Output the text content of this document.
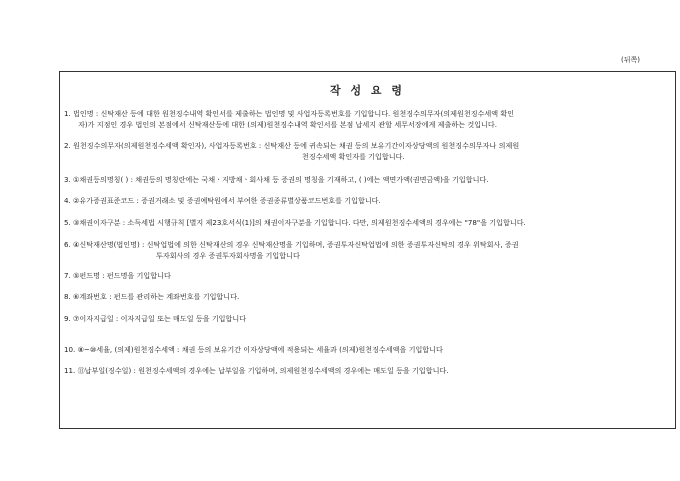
(뒤쪽)
작 성 요 령
1. 법인명 : 신탁재산 등에 대한 원천징수내역 확인서를 제출하는 법인명 및 사업자등록번호를 기입합니다. 원천징수의무자(의제원천징수세액 확인
자)가 지점인 경우 법인의 본점에서 신탁재산등에 대한 (의제)원천징수내역 확인서를 본점 납세지 관할 세무서장에게 제출하는 것입니다.
2. 원천징수의무자(의제원천징수세액 확인자), 사업자등록번호 : 신탁재산 등에 귀속되는 채권 등의 보유기간이자상당액의 원천징수의무자나 의제원
천징수세액 확인자를 기입합니다.
3. ①채권등의명칭( ) : 채권등의 명칭란에는 국채ㆍ지방채ㆍ회사채 등 증권의 명칭을 기재하고, ( )에는 액면가액(권면금액)을 기입합니다.
4. ②유가증권표준코드 : 증권거래소 및 증권예탁원에서 부여한 증권종류별상품코드번호를 기입합니다.
5. ③채권이자구분 : 소득세법 시행규칙 [별지 제23호서식(1)]의 채권이자구분을 기입합니다. 다만, 의제원천징수세액의 경우에는 "78"을 기입합니다.
6. ④신탁재산명(법인명) : 신탁업법에 의한 신탁재산의 경우 신탁재산명을 기입하며, 증권투자신탁업법에 의한 증권투자신탁의 경우 위탁회사, 증권
투자회사의 경우 증권투자회사명을 기입합니다
7. ⑤펀드명 : 펀드명을 기입합니다
8. ⑥계좌번호 : 펀드를 관리하는 계좌번호를 기입합니다.
9. ⑦이자지급일 : 이자지급일 또는 매도일 등을 기입합니다
10. ⑧~⑩세율, (의제)원천징수세액 : 채권 등의 보유기간 이자상당액에 적용되는 세율과 (의제)원천징수세액을 기입합니다
11. ⑪납부일(징수일) : 원천징수세액의 경우에는 납부일을 기입하며, 의제원천징수세액의 경우에는 매도일 등을 기입합니다.
